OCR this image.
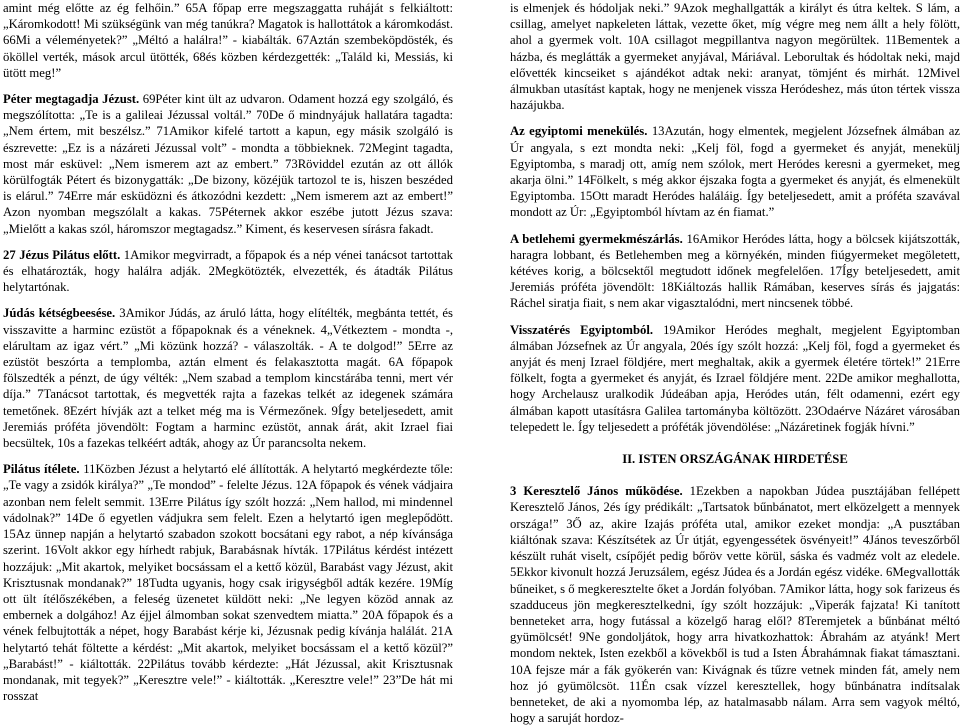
amint még előtte az ég felhőin.” 65A főpap erre megszaggatta ruháját s felkiáltott: „Káromkodott! Mi szükségünk van még tanúkra? Magatok is hallottátok a káromkodást. 66Mi a véleményetek?” „Méltó a halálra!” - kiabálták. 67Aztán szembeköpdösték, és ököllel verték, mások arcul ütötték, 68és közben kérdezgették: „Találd ki, Messiás, ki ütött meg!”

Péter megtagadja Jézust. 69Péter kint ült az udvaron. Odament hozzá egy szolgáló, és megszólította: „Te is a galileai Jézussal voltál.” 70De ő mindnyájuk hallatára tagadta: „Nem értem, mit beszélsz.” 71Amikor kifelé tartott a kapun, egy másik szolgáló is észrevette: „Ez is a názáreti Jézussal volt” - mondta a többieknek. 72Megint tagadta, most már esküvel: „Nem ismerem azt az embert.” 73Röviddel ezután az ott állók körülfogták Pétert és bizonygatták: „De bizony, közéjük tartozol te is, hiszen beszéded is elárul.” 74Erre már esküdözni és átkozódni kezdett: „Nem ismerem azt az embert!” Azon nyomban megszólalt a kakas. 75Péternek akkor eszébe jutott Jézus szava: „Mielőtt a kakas szól, háromszor megtagadsz.” Kiment, és keservesen sírásra fakadt.

27 Jézus Pilátus előtt. 1Amikor megvirradt, a főpapok és a nép vénei tanácsot tartottak és elhatározták, hogy halálra adják. 2Megkötözték, elvezették, és átadták Pilátus helytartónak.

Júdás kétségbeesése. 3Amikor Júdás, az áruló látta, hogy elítélték, megbánta tettét, és visszavitte a harminc ezüstöt a főpapoknak és a véneknek. 4„Vétkeztem - mondta -, elárultam az igaz vért.” „Mi közünk hozzá? - válaszolták. - A te dolgod!” 5Erre az ezüstöt beszórta a templomba, aztán elment és felakasztotta magát. 6A főpapok fölszedték a pénzt, de úgy vélték: „Nem szabad a templom kincstárába tenni, mert vér díja.” 7Tanácsot tartottak, és megvették rajta a fazekas telkét az idegenek számára temetőnek. 8Ezért hívják azt a telket még ma is Vérmezőnek. 9Így beteljesedett, amit Jeremiás próféta jövendölt: Fogtam a harminc ezüstöt, annak árát, akit Izrael fiai becsültek, 10s a fazekas telkéért adták, ahogy az Úr parancsolta nekem.

Pilátus ítélete. 11Közben Jézust a helytartó elé állították. A helytartó megkérdezte tőle: „Te vagy a zsidók királya?” „Te mondod” - felelte Jézus. 12A főpapok és vének vádjaira azonban nem felelt semmit. 13Erre Pilátus így szólt hozzá: „Nem hallod, mi mindennel vádolnak?” 14De ő egyetlen vádjukra sem felelt. Ezen a helytartó igen meglepődött. 15Az ünnep napján a helytartó szabadon szokott bocsátani egy rabot, a nép kívánsága szerint. 16Volt akkor egy hírhedt rabjuk, Barabásnak hívták. 17Pilátus kérdést intézett hozzájuk: „Mit akartok, melyiket bocsássam el a kettő közül, Barabást vagy Jézust, akit Krisztusnak mondanak?” 18Tudta ugyanis, hogy csak irigységből adták kezére. 19Míg ott ült ítélőszékében, a feleség üzenetet küldött neki: „Ne legyen közöd annak az embernek a dolgához! Az éjjel álmomban sokat szenvedtem miatta.” 20A főpapok és a vének felbujtották a népet, hogy Barabást kérje ki, Jézusnak pedig kívánja halálát. 21A helytartó tehát föltette a kérdést: „Mit akartok, melyiket bocsássam el a kettő közül?” „Barabást!” - kiáltották. 22Pilátus tovább kérdezte: „Hát Jézussal, akit Krisztusnak mondanak, mit tegyek?” „Keresztre vele!” - kiáltották. „Keresztre vele!” 23”De hát mi rosszat

is elmenjek és hódoljak neki.” 9Azok meghallgatták a királyt és útra keltek. S lám, a csillag, amelyet napkeleten láttak, vezette őket, míg végre meg nem állt a hely fölött, ahol a gyermek volt. 10A csillagot megpillantva nagyon megörültek. 11Bementek a házba, és meglátták a gyermeket anyjával, Máriával. Leborultak és hódoltak neki, majd elővették kincseiket s ajándékot adtak neki: aranyat, tömjént és mirhát. 12Mivel álmukban utasítást kaptak, hogy ne menjenek vissza Heródeshez, más úton tértek vissza hazájukba.

Az egyiptomi menekülés. 13Azután, hogy elmentek, megjelent Józsefnek álmában az Úr angyala, s ezt mondta neki: „Kelj föl, fogd a gyermeket és anyját, menekülj Egyiptomba, s maradj ott, amíg nem szólok, mert Heródes keresni a gyermeket, meg akarja ölni.” 14Fölkelt, s még akkor éjszaka fogta a gyermeket és anyját, és elmenekült Egyiptomba. 15Ott maradt Heródes haláláig. Így beteljesedett, amit a próféta szavával mondott az Úr: „Egyiptomból hívtam az én fiamat.”

A betlehemi gyermekmészárlás. 16Amikor Heródes látta, hogy a bölcsek kijátszották, haragra lobbant, és Betlehemben meg a környékén, minden fiúgyermeket megöletett, kétéves korig, a bölcsektől megtudott időnek megfelelően. 17Így beteljesedett, amit Jeremiás próféta jövendölt: 18Kiáltozás hallik Rámában, keserves sírás és jajgatás: Ráchel siratja fiait, s nem akar vigasztalódni, mert nincsenek többé.

Visszatérés Egyiptomból. 19Amikor Heródes meghalt, megjelent Egyiptomban álmában Józsefnek az Úr angyala, 20és így szólt hozzá: „Kelj föl, fogd a gyermeket és anyját és menj Izrael földjére, mert meghaltak, akik a gyermek életére törtek!” 21Erre fölkelt, fogta a gyermeket és anyját, és Izrael földjére ment. 22De amikor meghallotta, hogy Archelausz uralkodik Júdeában apja, Heródes után, félt odamenni, ezért egy álmában kapott utasításra Galilea tartományba költözött. 23Odaérve Názáret városában telepedett le. Így teljesedett a próféták jövendölése: „Názáretinek fogják hívni.”

II. ISTEN ORSZÁGÁNAK HIRDETÉSE

3 Keresztelő János működése. 1Ezekben a napokban Júdea pusztájában fellépett Keresztelő János, 2és így prédikált: „Tartsatok bűnbánatot, mert elközelgett a mennyek országa!” 3Ő az, akire Izajás próféta utal, amikor ezeket mondja: „A pusztában kiáltónak szava: Készítsétek az Úr útját, egyengessétek ösvényeit!” 4János teveszőrből készült ruhát viselt, csípőjét pedig bőröv vette körül, sáska és vadméz volt az eledele. 5Ekkor kivonult hozzá Jeruzsálem, egész Júdea és a Jordán egész vidéke. 6Megvallották bűneiket, s ő megkeresztelte őket a Jordán folyóban. 7Amikor látta, hogy sok farizeus és szadduceus jön megkeresztelkedni, így szólt hozzájuk: „Viperák fajzata! Ki tanított benneteket arra, hogy futással a közelgő harag elől? 8Teremjetek a bűnbánat méltó gyümölcsét! 9Ne gondoljátok, hogy arra hivatkozhattok: Ábrahám az atyánk! Mert mondom nektek, Isten ezekből a kövekből is tud a Isten Ábrahámnak fiakat támasztani. 10A fejsze már a fák gyökerén van: Kivágnak és tűzre vetnek minden fát, amely nem hoz jó gyümölcsöt. 11Én csak vízzel keresztellek, hogy bűnbánatra indítsalak benneteket, de aki a nyomomba lép, az hatalmasabb nálam. Arra sem vagyok méltó, hogy a saruját hordoz-
